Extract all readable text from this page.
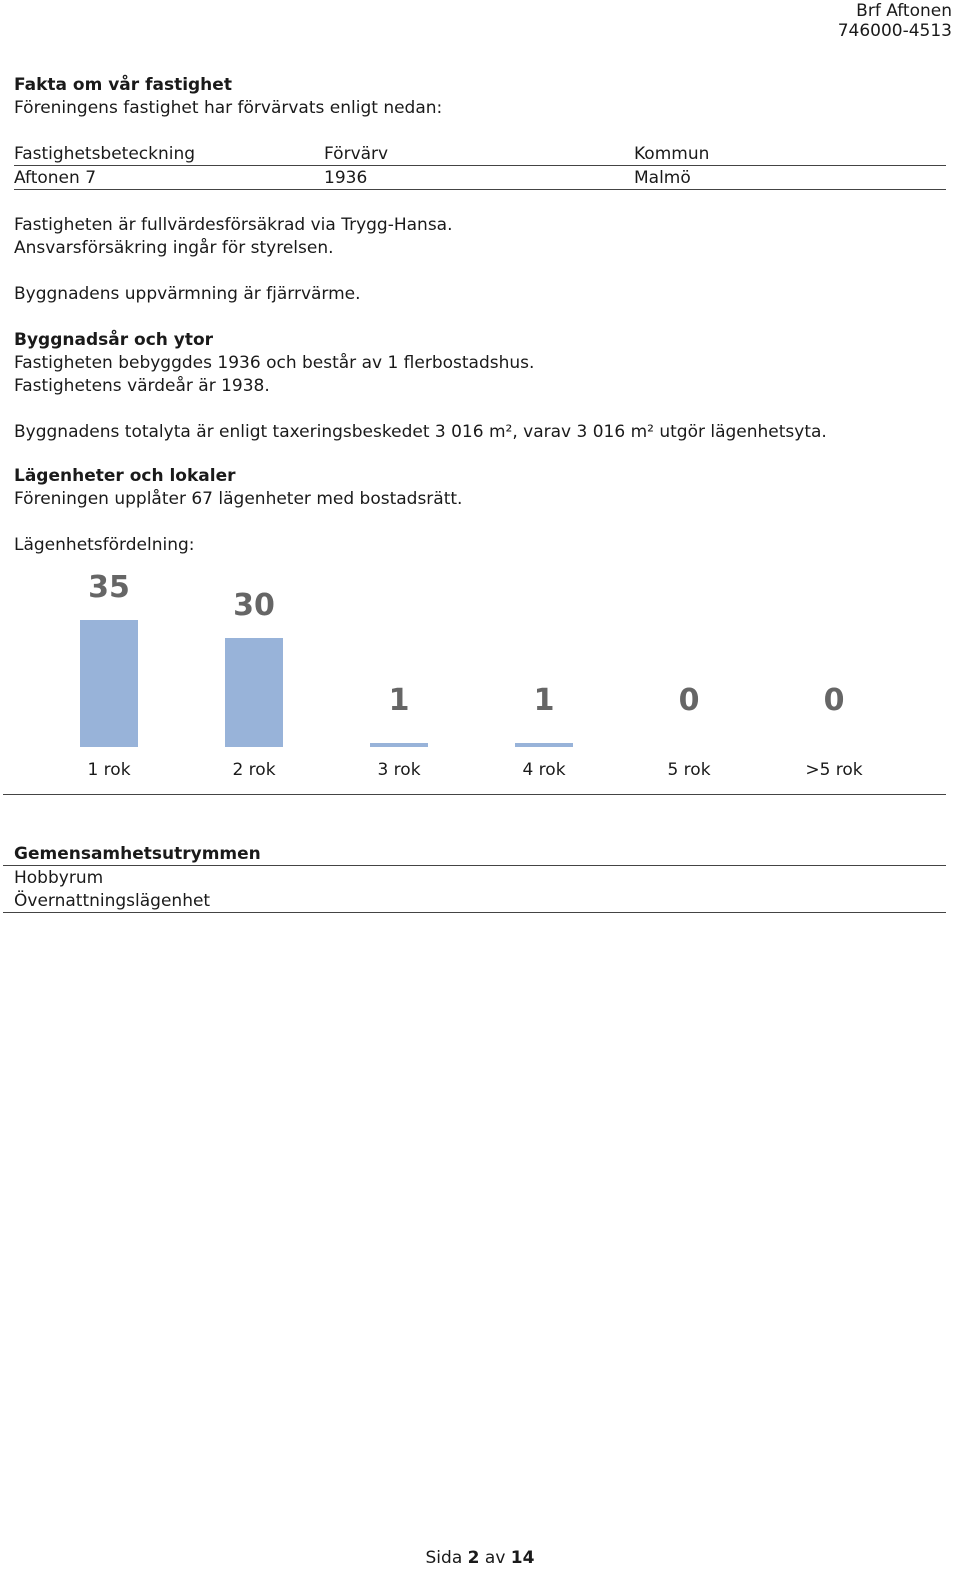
Brf Aftonen
746000-4513
Fakta om vår fastighet
Föreningens fastighet har förvärvats enligt nedan:
Fastighetsbeteckning	Förvärv	Kommun
Aftonen 7	1936	Malmö
Fastigheten är fullvärdesförsäkrad via Trygg-Hansa.
Ansvarsförsäkring ingår för styrelsen.
Byggnadens uppvärmning är fjärrvärme.
Byggnadsår och ytor
Fastigheten bebyggdes 1936 och består av 1 flerbostadshus.
Fastighetens värdeår är 1938.
Byggnadens totalyta är enligt taxeringsbeskedet 3 016 m², varav 3 016 m² utgör lägenhetsyta.
Lägenheter och lokaler
Föreningen upplåter 67 lägenheter med bostadsrätt.
Lägenhetsfördelning:
35
1 rok
30
2 rok
1
3 rok
1
4 rok
0
5 rok
0
>5 rok
Gemensamhetsutrymmen
Hobbyrum
Övernattningslägenhet
Sida 2 av 14
